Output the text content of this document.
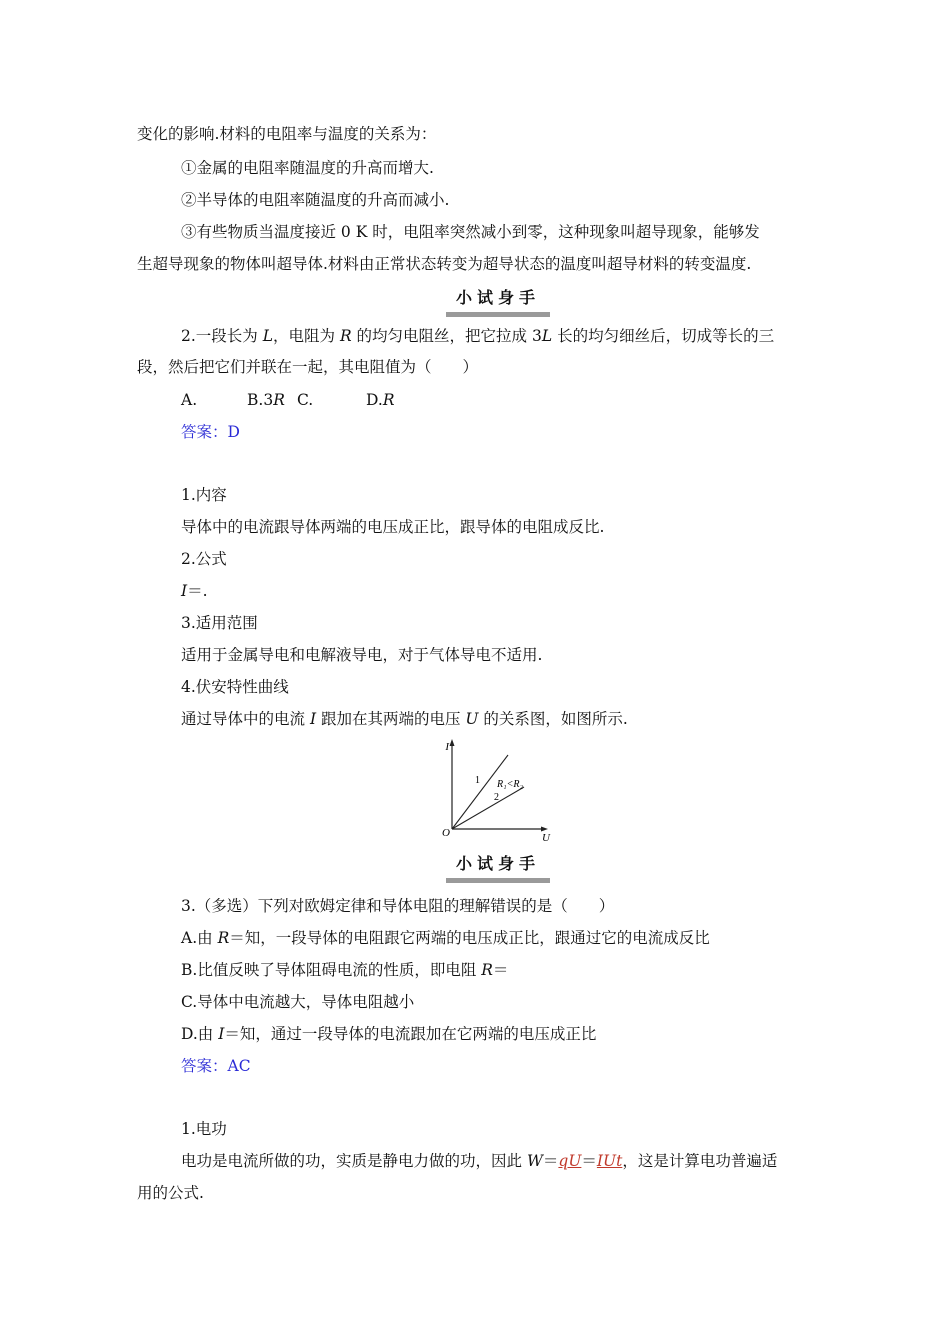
变化的影响.材料的电阻率与温度的关系为：
①金属的电阻率随温度的升高而增大.
②半导体的电阻率随温度的升高而减小.
③有些物质当温度接近 0 K 时，电阻率突然减小到零，这种现象叫超导现象，能够发
生超导现象的物体叫超导体.材料由正常状态转变为超导状态的温度叫超导材料的转变温度.
小试身手
2.一段长为 L，电阻为 R 的均匀电阻丝，把它拉成 3L 长的均匀细丝后，切成等长的三
段，然后把它们并联在一起，其电阻值为（　　）
A.	B.3R C.	D.R
答案：D
1.内容
导体中的电流跟导体两端的电压成正比，跟导体的电阻成反比.
2.公式
I＝.
3.适用范围
适用于金属导电和电解液导电，对于气体导电不适用.
4.伏安特性曲线
通过导体中的电流 I 跟加在其两端的电压 U 的关系图，如图所示.
I
O	U
1
2
R₁<R₂
小试身手
3.（多选）下列对欧姆定律和导体电阻的理解错误的是（　　）
A.由 R＝知，一段导体的电阻跟它两端的电压成正比，跟通过它的电流成反比
B.比值反映了导体阻碍电流的性质，即电阻 R＝
C.导体中电流越大，导体电阻越小
D.由 I＝知，通过一段导体的电流跟加在它两端的电压成正比
答案：AC
1.电功
电功是电流所做的功，实质是静电力做的功，因此 W＝qU＝IUt，这是计算电功普遍适
用的公式.
